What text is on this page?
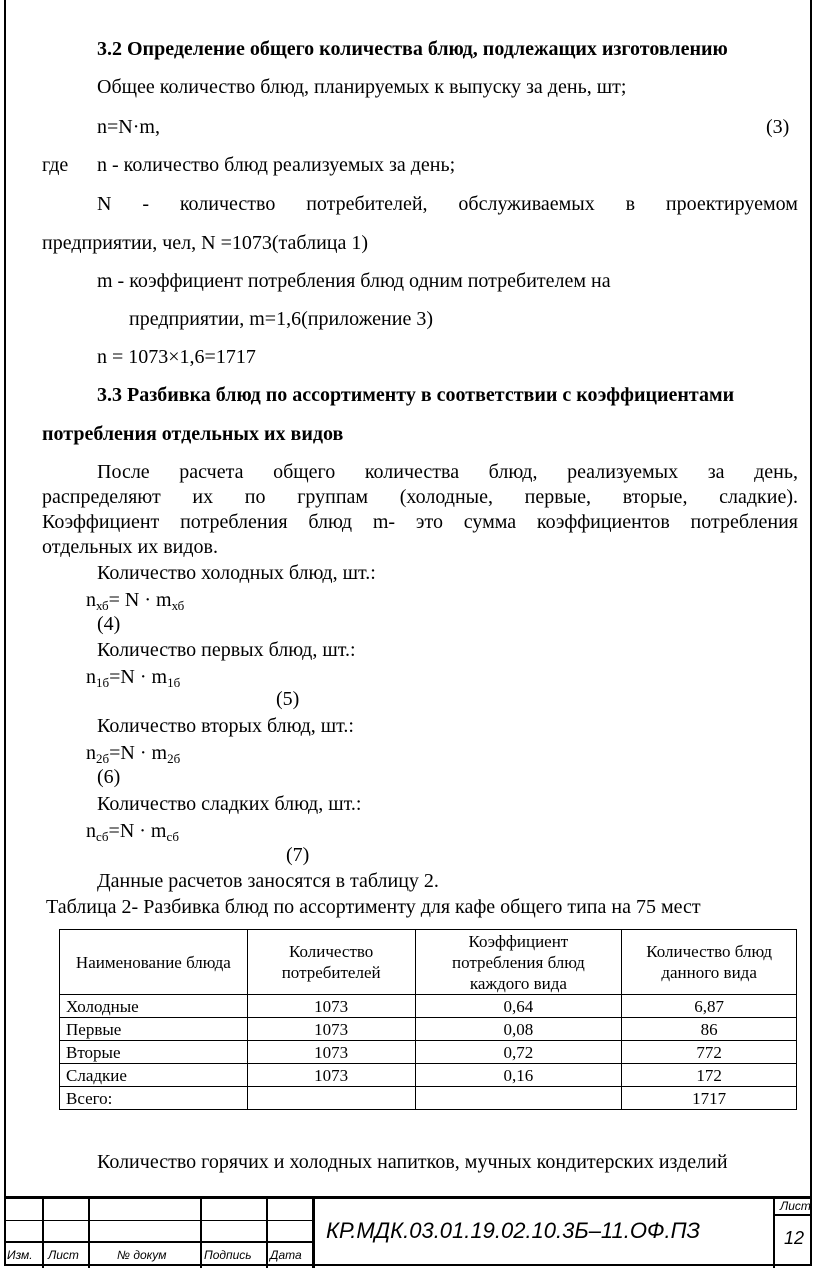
3.2 Определение общего количества блюд, подлежащих изготовлению
Общее количество блюд, планируемых к выпуску за день, шт;
n=N·m,	(3)
где n - количество блюд реализуемых за день;
N - количество потребителей, обслуживаемых в проектируемом
предприятии, чел, N =1073(таблица 1)
m - коэффициент потребления блюд одним потребителем на
предприятии, m=1,6(приложение 3)
n = 1073×1,6=1717
3.3 Разбивка блюд по ассортименту в соответствии с коэффициентами
потребления отдельных их видов
После расчета общего количества блюд, реализуемых за день,
распределяют их по группам (холодные, первые, вторые, сладкие).
Коэффициент потребления блюд m- это сумма коэффициентов потребления
отдельных их видов.
Количество холодных блюд, шт.:
$n_{хб}= N \cdot m_{хб}$
(4)
Количество первых блюд, шт.:
$n_{1б}=N \cdot m_{1б}$
(5)
Количество вторых блюд, шт.:
$n_{2б}=N \cdot m_{2б}$
(6)
Количество сладких блюд, шт.:
$n_{сб}=N \cdot m_{сб}$
(7)
Данные расчетов заносятся в таблицу 2.
Таблица 2- Разбивка блюд по ассортименту для кафе общего типа на 75 мест
Наименование блюда	Количество потребителей	Коэффициент потребления блюд каждого вида	Количество блюд данного вида
Холодные	1073	0,64	6,87
Первые	1073	0,08	86
Вторые	1073	0,72	772
Сладкие	1073	0,16	172
Всего:			1717
Количество горячих и холодных напитков, мучных кондитерских изделий
Изм. Лист	№ докум	Подпись Дата
КР.МДК.03.01.19.02.10.3Б–11.ОФ.ПЗ
Лист
12
